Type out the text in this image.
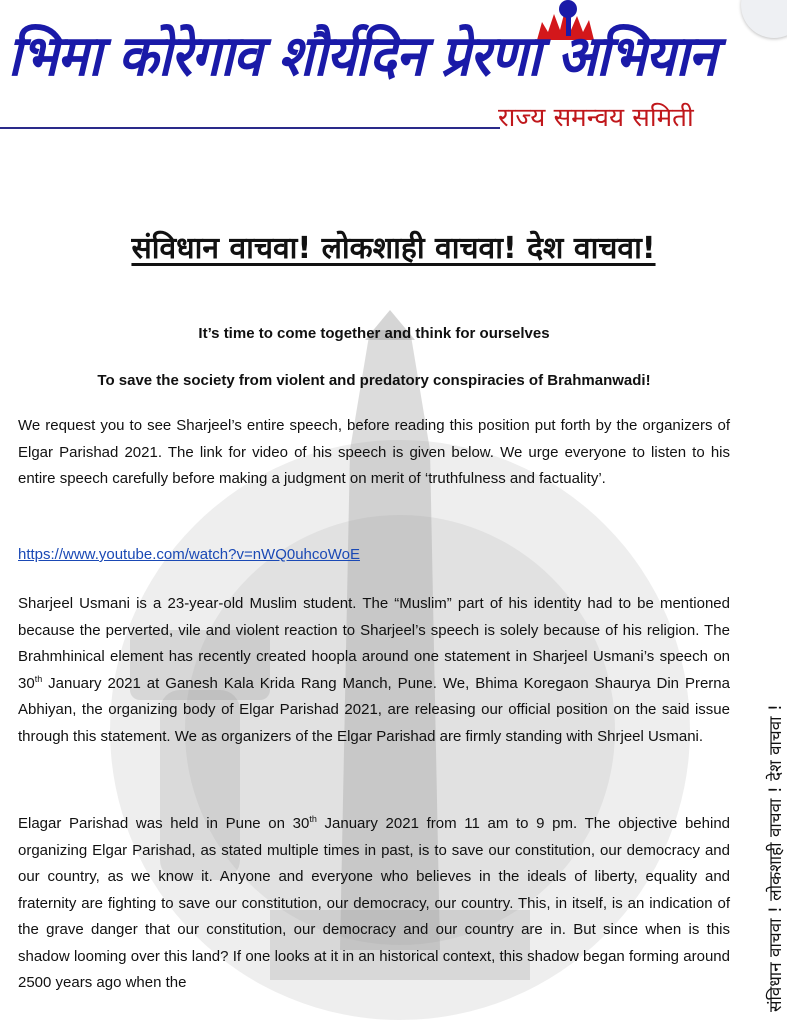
भिमा कोरेगाव शौर्यदिन प्रेरणा अभियान
राज्य समन्वय समिती
संविधान वाचवा! लोकशाही वाचवा! देश वाचवा!
It’s time to come together and think for ourselves
To save the society from violent and predatory conspiracies of Brahmanwadi!

We request you to see Sharjeel’s entire speech, before reading this position put forth by the organizers of Elgar Parishad 2021. The link for video of his speech is given below. We urge everyone to listen to his entire speech carefully before making a judgment on merit of ‘truthfulness and factuality’.

https://www.youtube.com/watch?v=nWQ0uhcoWoE

Sharjeel Usmani is a 23-year-old Muslim student. The “Muslim” part of his identity had to be mentioned because the perverted, vile and violent reaction to Sharjeel’s speech is solely because of his religion. The Brahmhinical element has recently created hoopla around one statement in Sharjeel Usmani’s speech on 30th January 2021 at Ganesh Kala Krida Rang Manch, Pune. We, Bhima Koregaon Shaurya Din Prerna Abhiyan, the organizing body of Elgar Parishad 2021, are releasing our official position on the said issue through this statement. We as organizers of the Elgar Parishad are firmly standing with Shrjeel Usmani.

Elagar Parishad was held in Pune on 30th January 2021 from 11 am to 9 pm. The objective behind organizing Elgar Parishad, as stated multiple times in past, is to save our constitution, our democracy and our country, as we know it. Anyone and everyone who believes in the ideals of liberty, equality and fraternity are fighting to save our constitution, our democracy, our country. This, in itself, is an indication of the grave danger that our constitution, our democracy and our country are in. But since when is this shadow looming over this land? If one looks at it in an historical context, this shadow began forming around 2500 years ago when the	संविधान वाचवा ! लोकशाही वाचवा ! देश वाचवा !
